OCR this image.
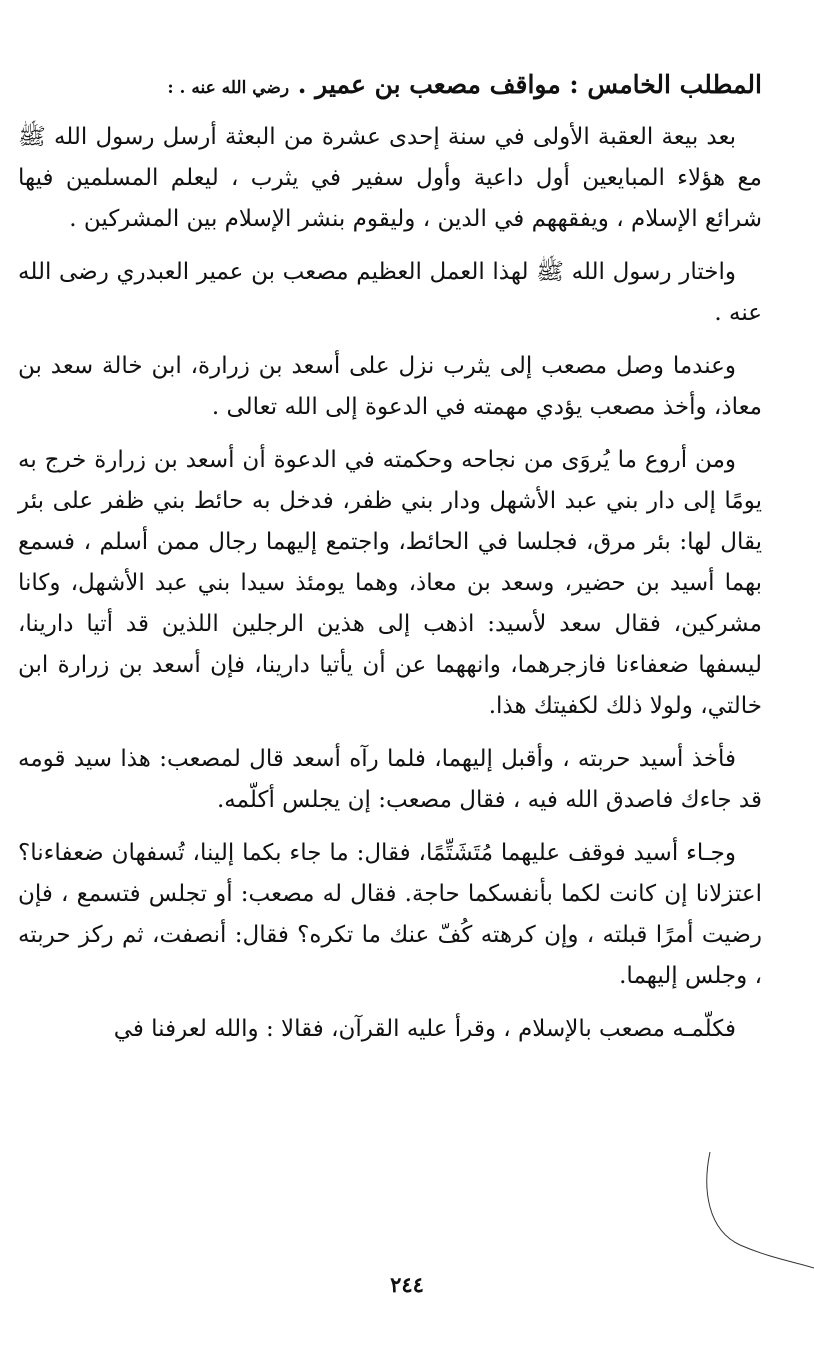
المطلب الخامس : مواقف مصعب بن عمير . رضي الله عنه . :

بعد بيعة العقبة الأولى في سنة إحدى عشرة من البعثة أرسل رسول الله ﷺ مع هؤلاء المبايعين أول داعية وأول سفير في يثرب ، ليعلم المسلمين فيها شرائع الإسلام ، ويفقههم في الدين ، وليقوم بنشر الإسلام بين المشركين .

واختار رسول الله ﷺ لهذا العمل العظيم مصعب بن عمير العبدري رضى الله عنه .

وعندما وصل مصعب إلى يثرب نزل على أسعد بن زرارة، ابن خالة سعد بن معاذ، وأخذ مصعب يؤدي مهمته في الدعوة إلى الله تعالى .

ومن أروع ما يُروَى من نجاحه وحكمته في الدعوة أن أسعد بن زرارة خرج به يومًا إلى دار بني عبد الأشهل ودار بني ظفر، فدخل به حائط بني ظفر على بئر يقال لها: بئر مرق، فجلسا في الحائط، واجتمع إليهما رجال ممن أسلم ، فسمع بهما أسيد بن حضير، وسعد بن معاذ، وهما يومئذ سيدا بني عبد الأشهل، وكانا مشركين، فقال سعد لأسيد: اذهب إلى هذين الرجلين اللذين قد أتيا دارينا، ليسفها ضعفاءنا فازجرهما، وانههما عن أن يأتيا دارينا، فإن أسعد بن زرارة ابن خالتي، ولولا ذلك لكفيتك هذا.

فأخذ أسيد حربته ، وأقبل إليهما، فلما رآه أسعد قال لمصعب: هذا سيد قومه قد جاءك فاصدق الله فيه ، فقال مصعب: إن يجلس أكلّمه.

وجـاء أسيد فوقف عليهما مُتَشَتِّمًا، فقال: ما جاء بكما إلينا، تُسفهان ضعفاءنا؟ اعتزلانا إن كانت لكما بأنفسكما حاجة. فقال له مصعب: أو تجلس فتسمع ، فإن رضيت أمرًا قبلته ، وإن كرهته كُفّ عنك ما تكره؟ فقال: أنصفت، ثم ركز حربته ، وجلس إليهما.

فكلّمـه مصعب بالإسلام ، وقرأ عليه القرآن، فقالا : والله لعرفنا في

٢٤٤
